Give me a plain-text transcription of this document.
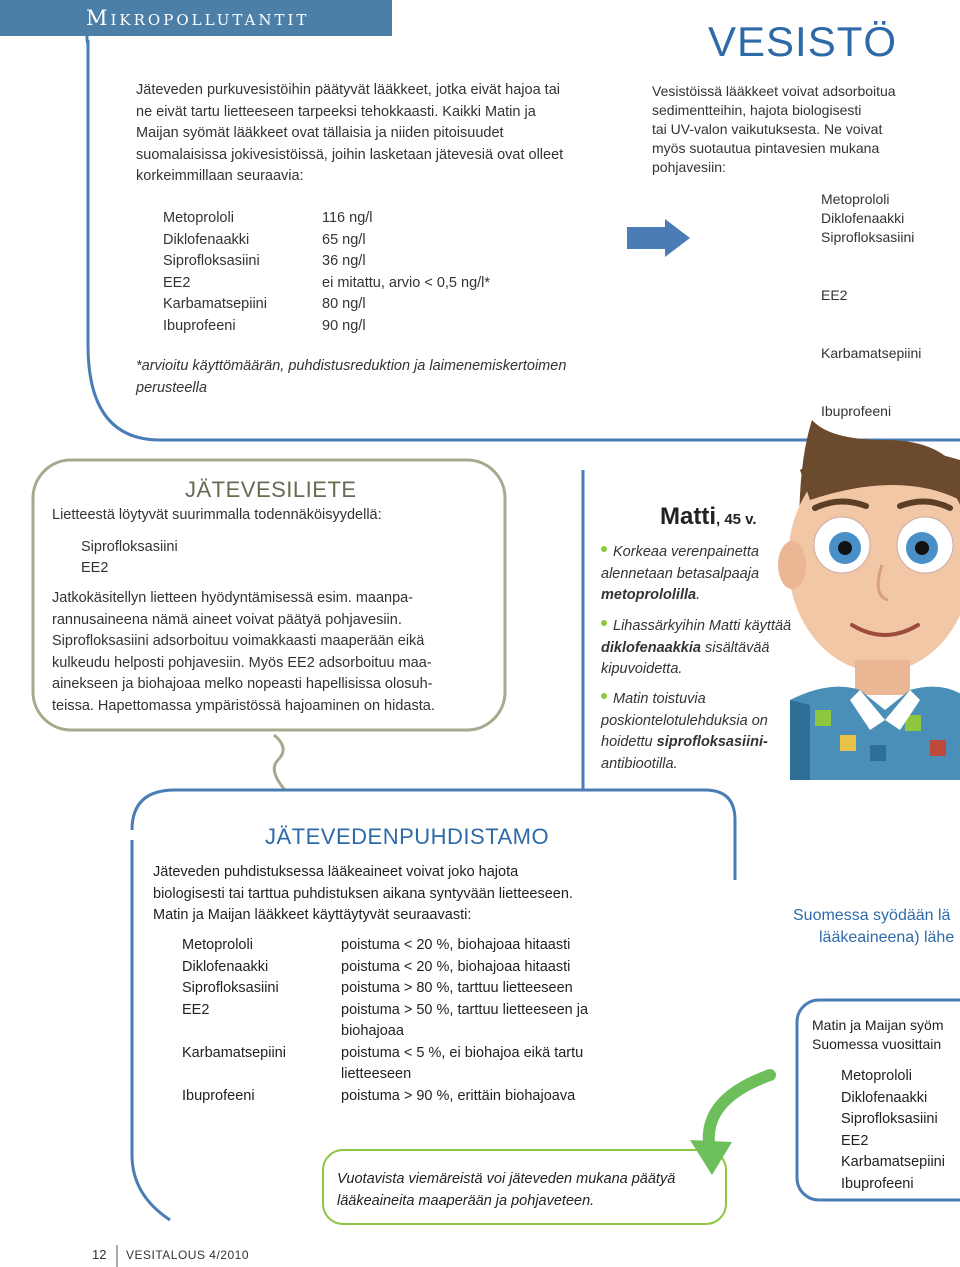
Mikropollutantit
Jäteveden purkuvesistöihin päätyvät lääkkeet, jotka eivät hajoa tai
ne eivät tartu lietteeseen tarpeeksi tehokkaasti. Kaikki Matin ja
Maijan syömät lääkkeet ovat tällaisia ja niiden pitoisuudet
suomalaisissa jokivesistöissä, joihin lasketaan jätevesiä ovat olleet
korkeimmillaan seuraavia:
Metoprololi
Diklofenaakki
Siprofloksasiini
EE2
Karbamatsepiini
Ibuprofeeni
116 ng/l
65 ng/l
36 ng/l
ei mitattu, arvio < 0,5 ng/l*
80 ng/l
90 ng/l
*arvioitu käyttömäärän, puhdistusreduktion ja laimenemiskertoimen
perusteella
VESISTÖ
Vesistöissä lääkkeet voivat adsorboitua
sedimentteihin, hajota biologisesti
tai UV-valon vaikutuksesta. Ne voivat
myös suotautua pintavesien mukana
pohjavesiin:
Metoprololi
Diklofenaakki
Siprofloksasiini
EE2
Karbamatsepiini
Ibuprofeeni
JÄTEVESILIETE
Lietteestä löytyvät suurimmalla todennäköisyydellä:
Siprofloksasiini
EE2
Jatkokäsitellyn lietteen hyödyntämisessä esim. maanpa-
rannusaineena nämä aineet voivat päätyä pohjavesiin.
Siprofloksasiini adsorboituu voimakkaasti maaperään eikä
kulkeudu helposti pohjavesiin. Myös EE2 adsorboituu maa-
ainekseen ja biohajoaa melko nopeasti hapellisissa olosuh-
teissa. Hapettomassa ympäristössä hajoaminen on hidasta.
Matti, 45 v.
Korkeaa verenpainetta
alennetaan betasalpaaja
metoprololilla.
Lihassärkyihin Matti käyttää
diklofenaakkia sisältävää
kipuvoidetta.
Matin toistuvia
poskiontelotulehduksia on
hoidettu siprofloksasiini-
antibiootilla.
JÄTEVEDENPUHDISTAMO
Jäteveden puhdistuksessa lääkeaineet voivat joko hajota
biologisesti tai tarttua puhdistuksen aikana syntyvään lietteeseen.
Matin ja Maijan lääkkeet käyttäytyvät seuraavasti:
Metoprololi
Diklofenaakki
Siprofloksasiini
EE2
Karbamatsepiini
Ibuprofeeni
poistuma < 20 %, biohajoaa hitaasti
poistuma < 20 %, biohajoaa hitaasti
poistuma > 80 %, tarttuu lietteeseen
poistuma > 50 %, tarttuu lietteeseen ja
biohajoaa
poistuma < 5 %, ei biohajoa eikä tartu
lietteeseen
poistuma > 90 %, erittäin biohajoava
Suomessa syödään lä
lääkeaineena) lähe
Matin ja Maijan syöm
Suomessa vuosittain
Metoprololi
Diklofenaakki
Siprofloksasiini
EE2
Karbamatsepiini
Ibuprofeeni
Vuotavista viemäreistä voi jäteveden mukana päätyä
lääkeaineita maaperään ja pohjaveteen.
12 VESITALOUS 4/2010
